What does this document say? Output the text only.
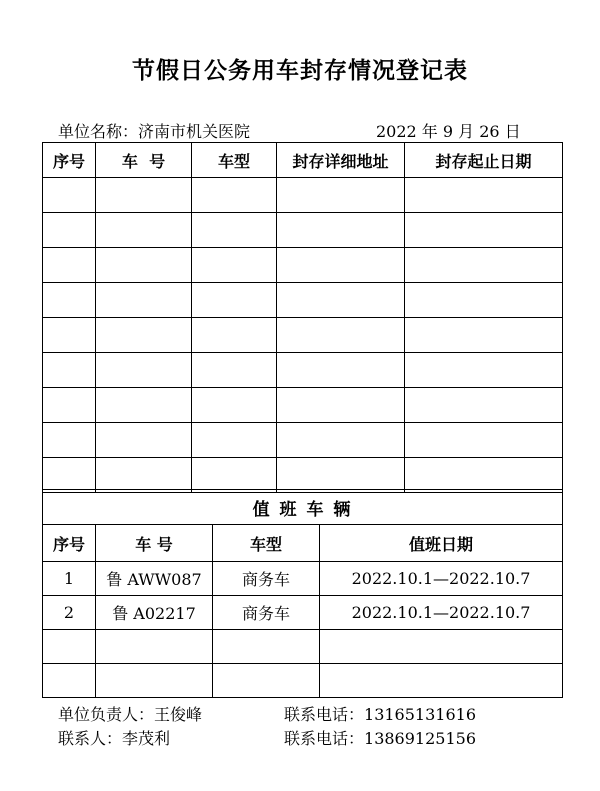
节假日公务用车封存情况登记表
单位名称：济南市机关医院	2022 年 9 月 26 日
序号	车  号	车型	封存详细地址	封存起止日期

值 班 车 辆			
序号	车 号	车型	值班日期
1	鲁 AWW087	商务车	2022.10.1—2022.10.7
2	鲁 A02217	商务车	2022.10.1—2022.10.7

单位负责人：王俊峰	联系电话：13165131616
联系人：李茂利	联系电话：13869125156
